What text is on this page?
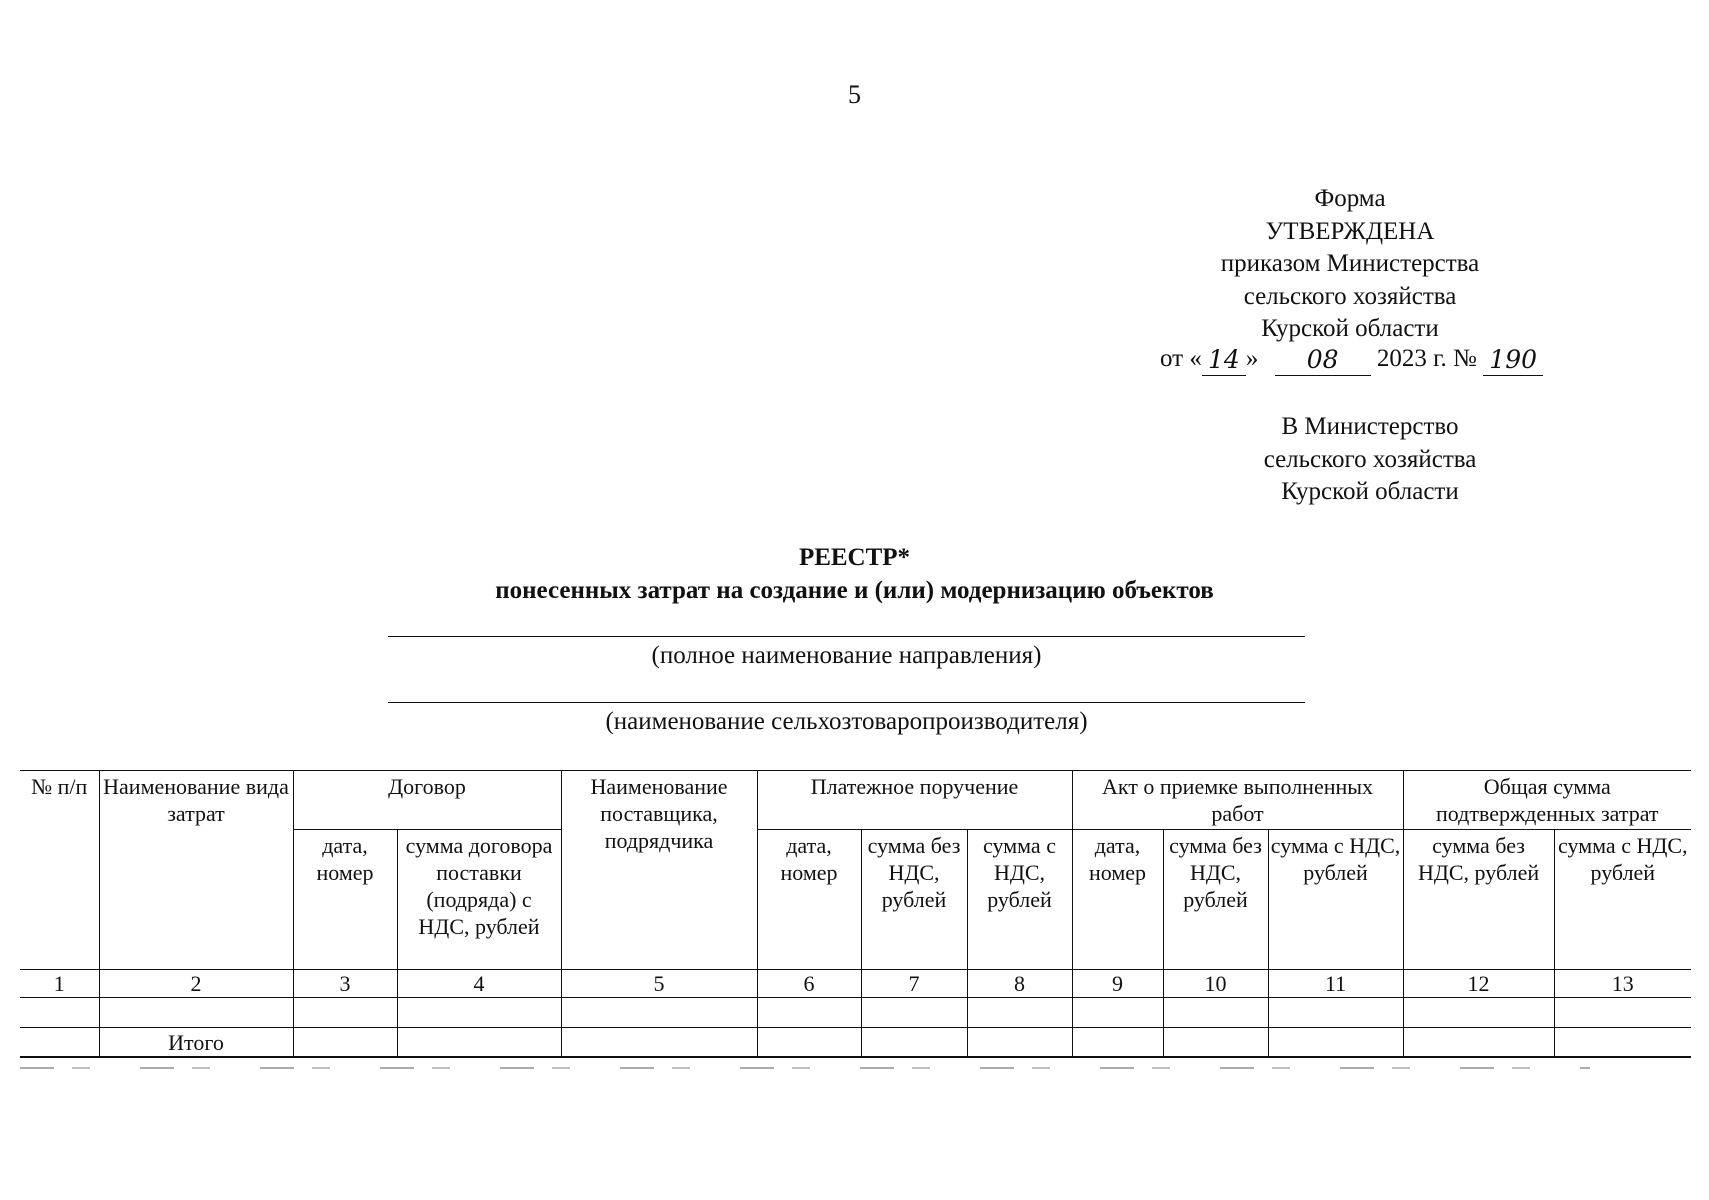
5
Форма
УТВЕРЖДЕНА
приказом Министерства
сельского хозяйства
Курской области
от « 14 » 08 2023 г. № 190
В Министерство
сельского хозяйства
Курской области
РЕЕСТР*
понесенных затрат на создание и (или) модернизацию объектов
(полное наименование направления)
(наименование сельхозтоваропроизводителя)
№ п/п	Наименование вида затрат	Договор		Наименование поставщика, подрядчика	Платежное поручение			Акт о приемке выполненных работ			Общая сумма подтвержденных затрат	
		дата, номер	сумма договора поставки (подряда) с НДС, рублей		дата, номер	сумма без НДС, рублей	сумма с НДС, рублей	дата, номер	сумма без НДС, рублей	сумма с НДС, рублей	сумма без НДС, рублей	сумма с НДС, рублей
1	2	3	4	5	6	7	8	9	10	11	12	13

	Итого											
